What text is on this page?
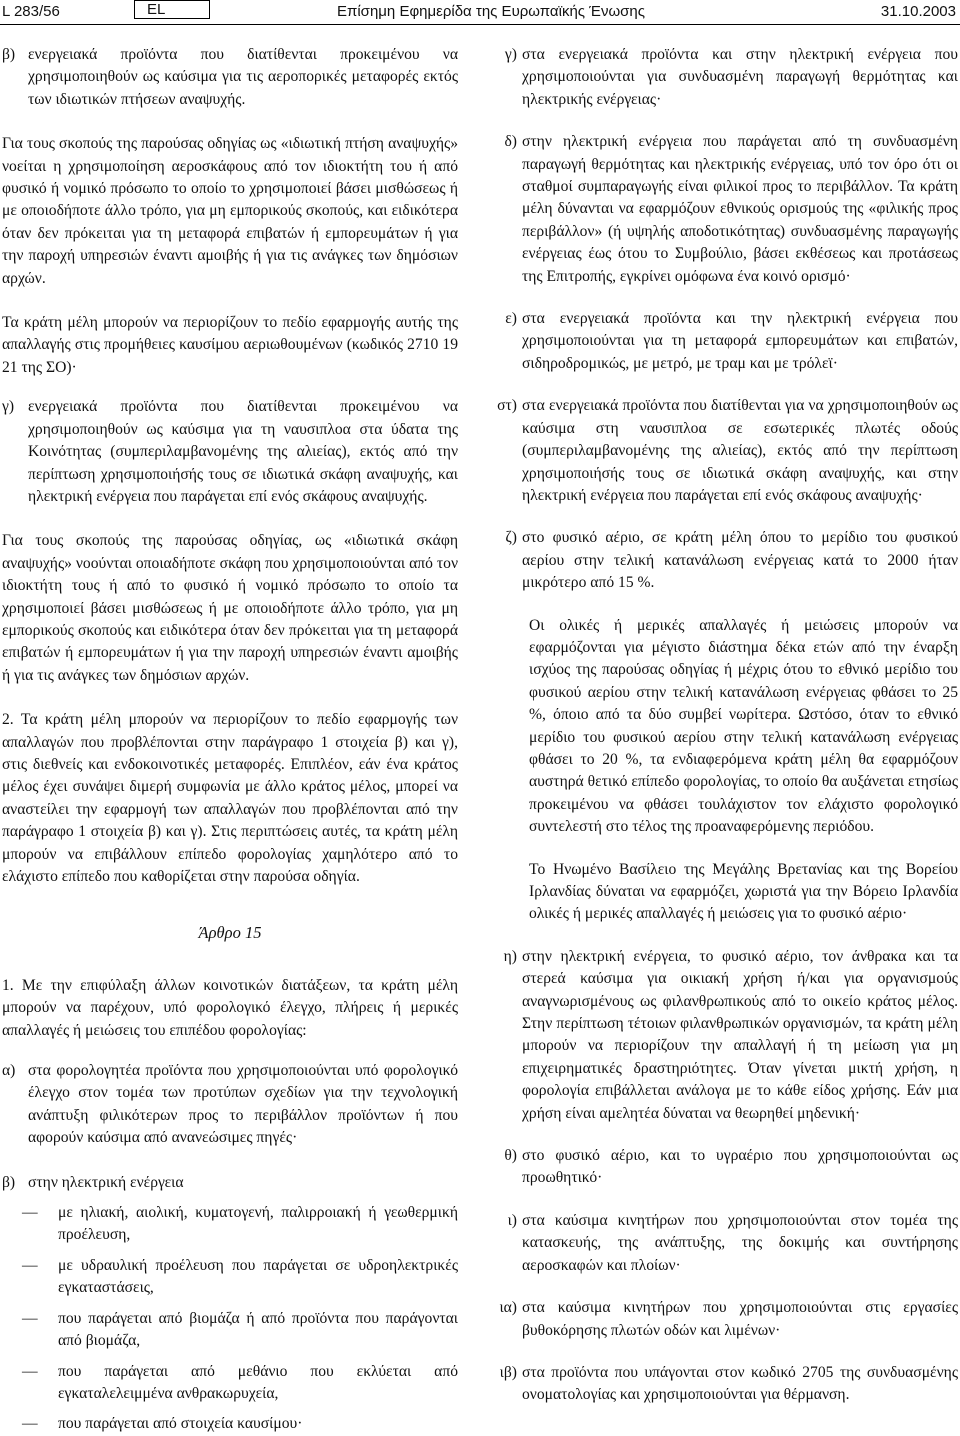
L 283/56	EL	Επίσημη Εφημερίδα της Ευρωπαϊκής Ένωσης	31.10.2003
β) ενεργειακά προϊόντα που διατίθενται προκειμένου να χρησιμοποιηθούν ως καύσιμα για τις αεροπορικές μεταφορές εκτός των ιδιωτικών πτήσεων αναψυχής.

Για τους σκοπούς της παρούσας οδηγίας ως «ιδιωτική πτήση αναψυχής» νοείται η χρησιμοποίηση αεροσκάφους από τον ιδιοκτήτη του ή από φυσικό ή νομικό πρόσωπο το οποίο το χρησιμοποιεί βάσει μισθώσεως ή με οποιοδήποτε άλλο τρόπο, για μη εμπορικούς σκοπούς, και ειδικότερα όταν δεν πρόκειται για τη μεταφορά επιβατών ή εμπορευμάτων ή για την παροχή υπηρεσιών έναντι αμοιβής ή για τις ανάγκες των δημόσιων αρχών.

Τα κράτη μέλη μπορούν να περιορίζουν το πεδίο εφαρμογής αυτής της απαλλαγής στις προμήθειες καυσίμου αεριωθουμένων (κωδικός 2710 19 21 της ΣΟ)·

γ) ενεργειακά προϊόντα που διατίθενται προκειμένου να χρησιμοποιηθούν ως καύσιμα για τη ναυσιπλοα στα ύδατα της Κοινότητας (συμπεριλαμβανομένης της αλιείας), εκτός από την περίπτωση χρησιμοποιήσής τους σε ιδιωτικά σκάφη αναψυχής, και ηλεκτρική ενέργεια που παράγεται επί ενός σκάφους αναψυχής.

Για τους σκοπούς της παρούσας οδηγίας, ως «ιδιωτικά σκάφη αναψυχής» νοούνται οποιαδήποτε σκάφη που χρησιμοποιούνται από τον ιδιοκτήτη τους ή από το φυσικό ή νομικό πρόσωπο το οποίο τα χρησιμοποιεί βάσει μισθώσεως ή με οποιοδήποτε άλλο τρόπο, για μη εμπορικούς σκοπούς και ειδικότερα όταν δεν πρόκειται για τη μεταφορά επιβατών ή εμπορευμάτων ή για την παροχή υπηρεσιών έναντι αμοιβής ή για τις ανάγκες των δημόσιων αρχών.

2. Τα κράτη μέλη μπορούν να περιορίζουν το πεδίο εφαρμογής των απαλλαγών που προβλέπονται στην παράγραφο 1 στοιχεία β) και γ), στις διεθνείς και ενδοκοινοτικές μεταφορές. Επιπλέον, εάν ένα κράτος μέλος έχει συνάψει διμερή συμφωνία με άλλο κράτος μέλος, μπορεί να αναστείλει την εφαρμογή των απαλλαγών που προβλέπονται από την παράγραφο 1 στοιχεία β) και γ). Στις περιπτώσεις αυτές, τα κράτη μέλη μπορούν να επιβάλλουν επίπεδο φορολογίας χαμηλότερο από το ελάχιστο επίπεδο που καθορίζεται στην παρούσα οδηγία.

Άρθρο 15

1. Με την επιφύλαξη άλλων κοινοτικών διατάξεων, τα κράτη μέλη μπορούν να παρέχουν, υπό φορολογικό έλεγχο, πλήρεις ή μερικές απαλλαγές ή μειώσεις του επιπέδου φορολογίας:

α) στα φορολογητέα προϊόντα που χρησιμοποιούνται υπό φορολογικό έλεγχο στον τομέα των προτύπων σχεδίων για την τεχνολογική ανάπτυξη φιλικότερων προς το περιβάλλον προϊόντων ή που αφορούν καύσιμα από ανανεώσιμες πηγές·
β) στην ηλεκτρική ενέργεια
—	με ηλιακή, αιολική, κυματογενή, παλιρροιακή ή γεωθερμική προέλευση,
—	με υδραυλική προέλευση που παράγεται σε υδροηλεκτρικές εγκαταστάσεις,
—	που παράγεται από βιομάζα ή από προϊόντα που παράγονται από βιομάζα,
—	που παράγεται από μεθάνιο που εκλύεται από εγκαταλελειμμένα ανθρακωρυχεία,
—	που παράγεται από στοιχεία καυσίμου·
γ) στα ενεργειακά προϊόντα και στην ηλεκτρική ενέργεια που χρησιμοποιούνται για συνδυασμένη παραγωγή θερμότητας και ηλεκτρικής ενέργειας·
δ) στην ηλεκτρική ενέργεια που παράγεται από τη συνδυασμένη παραγωγή θερμότητας και ηλεκτρικής ενέργειας, υπό τον όρο ότι οι σταθμοί συμπαραγωγής είναι φιλικοί προς το περιβάλλον. Τα κράτη μέλη δύνανται να εφαρμόζουν εθνικούς ορισμούς της «φιλικής προς περιβάλλον» (ή υψηλής αποδοτικότητας) συνδυασμένης παραγωγής ενέργειας έως ότου το Συμβούλιο, βάσει εκθέσεως και προτάσεως της Επιτροπής, εγκρίνει ομόφωνα ένα κοινό ορισμό·
ε) στα ενεργειακά προϊόντα και την ηλεκτρική ενέργεια που χρησιμοποιούνται για τη μεταφορά εμπορευμάτων και επιβατών, σιδηροδρομικώς, με μετρό, με τραμ και με τρόλεϊ·
στ) στα ενεργειακά προϊόντα που διατίθενται για να χρησιμοποιηθούν ως καύσιμα στη ναυσιπλοα σε εσωτερικές πλωτές οδούς (συμπεριλαμβανομένης της αλιείας), εκτός από την περίπτωση χρησιμοποιήσής τους σε ιδιωτικά σκάφη αναψυχής, και στην ηλεκτρική ενέργεια που παράγεται επί ενός σκάφους αναψυχής·
ζ) στο φυσικό αέριο, σε κράτη μέλη όπου το μερίδιο του φυσικού αερίου στην τελική κατανάλωση ενέργειας κατά το 2000 ήταν μικρότερο από 15 %.

Οι ολικές ή μερικές απαλλαγές ή μειώσεις μπορούν να εφαρμόζονται για μέγιστο διάστημα δέκα ετών από την έναρξη ισχύος της παρούσας οδηγίας ή μέχρις ότου το εθνικό μερίδιο του φυσικού αερίου στην τελική κατανάλωση ενέργειας φθάσει το 25 %, όποιο από τα δύο συμβεί νωρίτερα. Ωστόσο, όταν το εθνικό μερίδιο του φυσικού αερίου στην τελική κατανάλωση ενέργειας φθάσει το 20 %, τα ενδιαφερόμενα κράτη μέλη θα εφαρμόζουν αυστηρά θετικό επίπεδο φορολογίας, το οποίο θα αυξάνεται ετησίως προκειμένου να φθάσει τουλάχιστον τον ελάχιστο φορολογικό συντελεστή στο τέλος της προαναφερόμενης περιόδου.

Το Ηνωμένο Βασίλειο της Μεγάλης Βρετανίας και της Βορείου Ιρλανδίας δύναται να εφαρμόζει, χωριστά για την Βόρειο Ιρλανδία ολικές ή μερικές απαλλαγές ή μειώσεις για το φυσικό αέριο·

η) στην ηλεκτρική ενέργεια, το φυσικό αέριο, τον άνθρακα και τα στερεά καύσιμα για οικιακή χρήση ή/και για οργανισμούς αναγνωρισμένους ως φιλανθρωπικούς από το οικείο κράτος μέλος. Στην περίπτωση τέτοιων φιλανθρωπικών οργανισμών, τα κράτη μέλη μπορούν να περιορίζουν την απαλλαγή ή τη μείωση για μη επιχειρηματικές δραστηριότητες. Όταν γίνεται μικτή χρήση, η φορολογία επιβάλλεται ανάλογα με το κάθε είδος χρήσης. Εάν μια χρήση είναι αμελητέα δύναται να θεωρηθεί μηδενική·
θ) στο φυσικό αέριο, και το υγραέριο που χρησιμοποιούνται ως προωθητικό·
ι) στα καύσιμα κινητήρων που χρησιμοποιούνται στον τομέα της κατασκευής, της ανάπτυξης, της δοκιμής και συντήρησης αεροσκαφών και πλοίων·
ια) στα καύσιμα κινητήρων που χρησιμοποιούνται στις εργασίες βυθοκόρησης πλωτών οδών και λιμένων·
ιβ) στα προϊόντα που υπάγονται στον κωδικό 2705 της συνδυασμένης ονοματολογίας και χρησιμοποιούνται για θέρμανση.
